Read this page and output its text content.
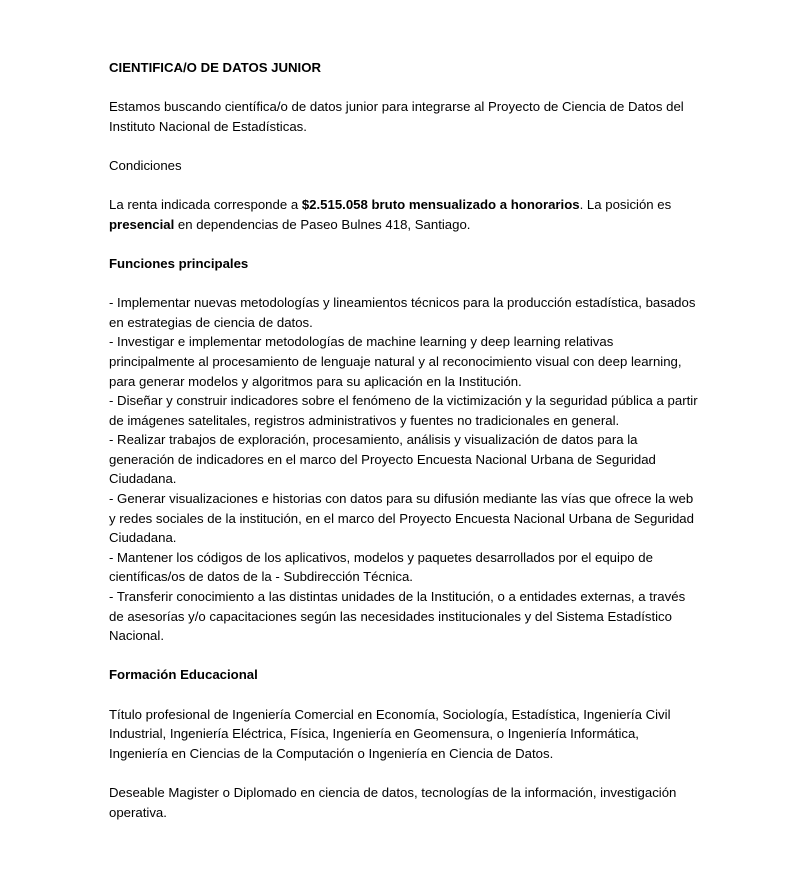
CIENTIFICA/O DE DATOS JUNIOR

Estamos buscando científica/o de datos junior para integrarse al Proyecto de Ciencia de Datos del Instituto Nacional de Estadísticas.

Condiciones

La renta indicada corresponde a $2.515.058 bruto mensualizado a honorarios. La posición es presencial en dependencias de Paseo Bulnes 418, Santiago.

Funciones principales

- Implementar nuevas metodologías y lineamientos técnicos para la producción estadística, basados en estrategias de ciencia de datos.

- Investigar e implementar metodologías de machine learning y deep learning relativas principalmente al procesamiento de lenguaje natural y al reconocimiento visual con deep learning, para generar modelos y algoritmos para su aplicación en la Institución.

- Diseñar y construir indicadores sobre el fenómeno de la victimización y la seguridad pública a partir de imágenes satelitales, registros administrativos y fuentes no tradicionales en general.

- Realizar trabajos de exploración, procesamiento, análisis y visualización de datos para la generación de indicadores en el marco del Proyecto Encuesta Nacional Urbana de Seguridad Ciudadana.

- Generar visualizaciones e historias con datos para su difusión mediante las vías que ofrece la web y redes sociales de la institución, en el marco del Proyecto Encuesta Nacional Urbana de Seguridad Ciudadana.

- Mantener los códigos de los aplicativos, modelos y paquetes desarrollados por el equipo de científicas/os de datos de la - Subdirección Técnica.

- Transferir conocimiento a las distintas unidades de la Institución, o a entidades externas, a través de asesorías y/o capacitaciones según las necesidades institucionales y del Sistema Estadístico Nacional.

Formación Educacional

Título profesional de Ingeniería Comercial en Economía, Sociología, Estadística, Ingeniería Civil Industrial, Ingeniería Eléctrica, Física, Ingeniería en Geomensura, o Ingeniería Informática, Ingeniería en Ciencias de la Computación o Ingeniería en Ciencia de Datos.

Deseable Magister o Diplomado en ciencia de datos, tecnologías de la información, investigación operativa.
